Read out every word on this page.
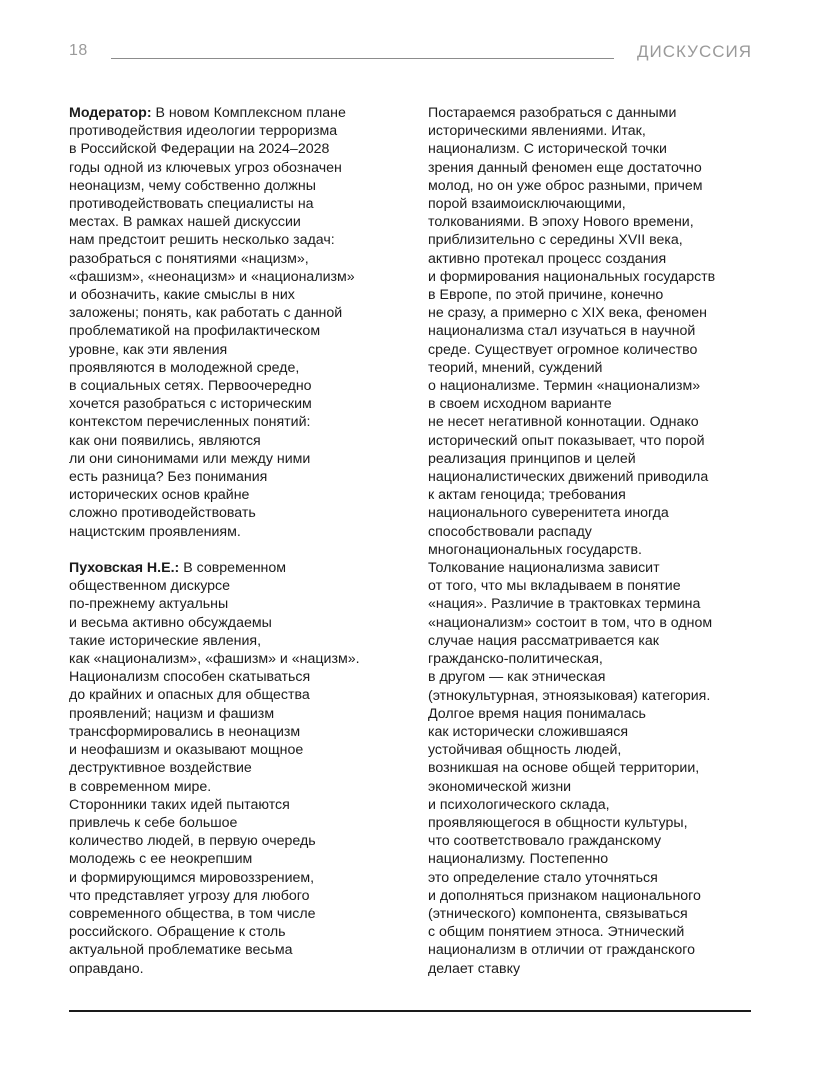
18	ДИСКУССИЯ
Модератор: В новом Комплексном плане
противодействия идеологии терроризма
в Российской Федерации на 2024–2028
годы одной из ключевых угроз обозначен
неонацизм, чему собственно должны
противодействовать специалисты на
местах. В рамках нашей дискуссии
нам предстоит решить несколько задач:
разобраться с понятиями «нацизм»,
«фашизм», «неонацизм» и «национализм»
и обозначить, какие смыслы в них
заложены; понять, как работать с данной
проблематикой на профилактическом
уровне, как эти явления
проявляются в молодежной среде,
в социальных сетях. Первоочередно
хочется разобраться с историческим
контекстом перечисленных понятий:
как они появились, являются
ли они синонимами или между ними
есть разница? Без понимания
исторических основ крайне
сложно противодействовать
нацистским проявлениям.
Пуховская Н.Е.: В современном
общественном дискурсе
по-прежнему актуальны
и весьма активно обсуждаемы
такие исторические явления,
как «национализм», «фашизм» и «нацизм».
Национализм способен скатываться
до крайних и опасных для общества
проявлений; нацизм и фашизм
трансформировались в неонацизм
и неофашизм и оказывают мощное
деструктивное воздействие
в современном мире.
Сторонники таких идей пытаются
привлечь к себе большое
количество людей, в первую очередь
молодежь с ее неокрепшим
и формирующимся мировоззрением,
что представляет угрозу для любого
современного общества, в том числе
российского. Обращение к столь
актуальной проблематике весьма
оправдано.
Постараемся разобраться с данными
историческими явлениями. Итак,
национализм. С исторической точки
зрения данный феномен еще достаточно
молод, но он уже оброс разными, причем
порой взаимоисключающими,
толкованиями. В эпоху Нового времени,
приблизительно с середины XVII века,
активно протекал процесс создания
и формирования национальных государств
в Европе, по этой причине, конечно
не сразу, а примерно с XIX века, феномен
национализма стал изучаться в научной
среде. Существует огромное количество
теорий, мнений, суждений
о национализме. Термин «национализм»
в своем исходном варианте
не несет негативной коннотации. Однако
исторический опыт показывает, что порой
реализация принципов и целей
националистических движений приводила
к актам геноцида; требования
национального суверенитета иногда
способствовали распаду
многонациональных государств.
Толкование национализма зависит
от того, что мы вкладываем в понятие
«нация». Различие в трактовках термина
«национализм» состоит в том, что в одном
случае нация рассматривается как
гражданско-политическая,
в другом — как этническая
(этнокультурная, этноязыковая) категория.
Долгое время нация понималась
как исторически сложившаяся
устойчивая общность людей,
возникшая на основе общей территории,
экономической жизни
и психологического склада,
проявляющегося в общности культуры,
что соответствовало гражданскому
национализму. Постепенно
это определение стало уточняться
и дополняться признаком национального
(этнического) компонента, связываться
с общим понятием этноса. Этнический
национализм в отличии от гражданского
делает ставку
